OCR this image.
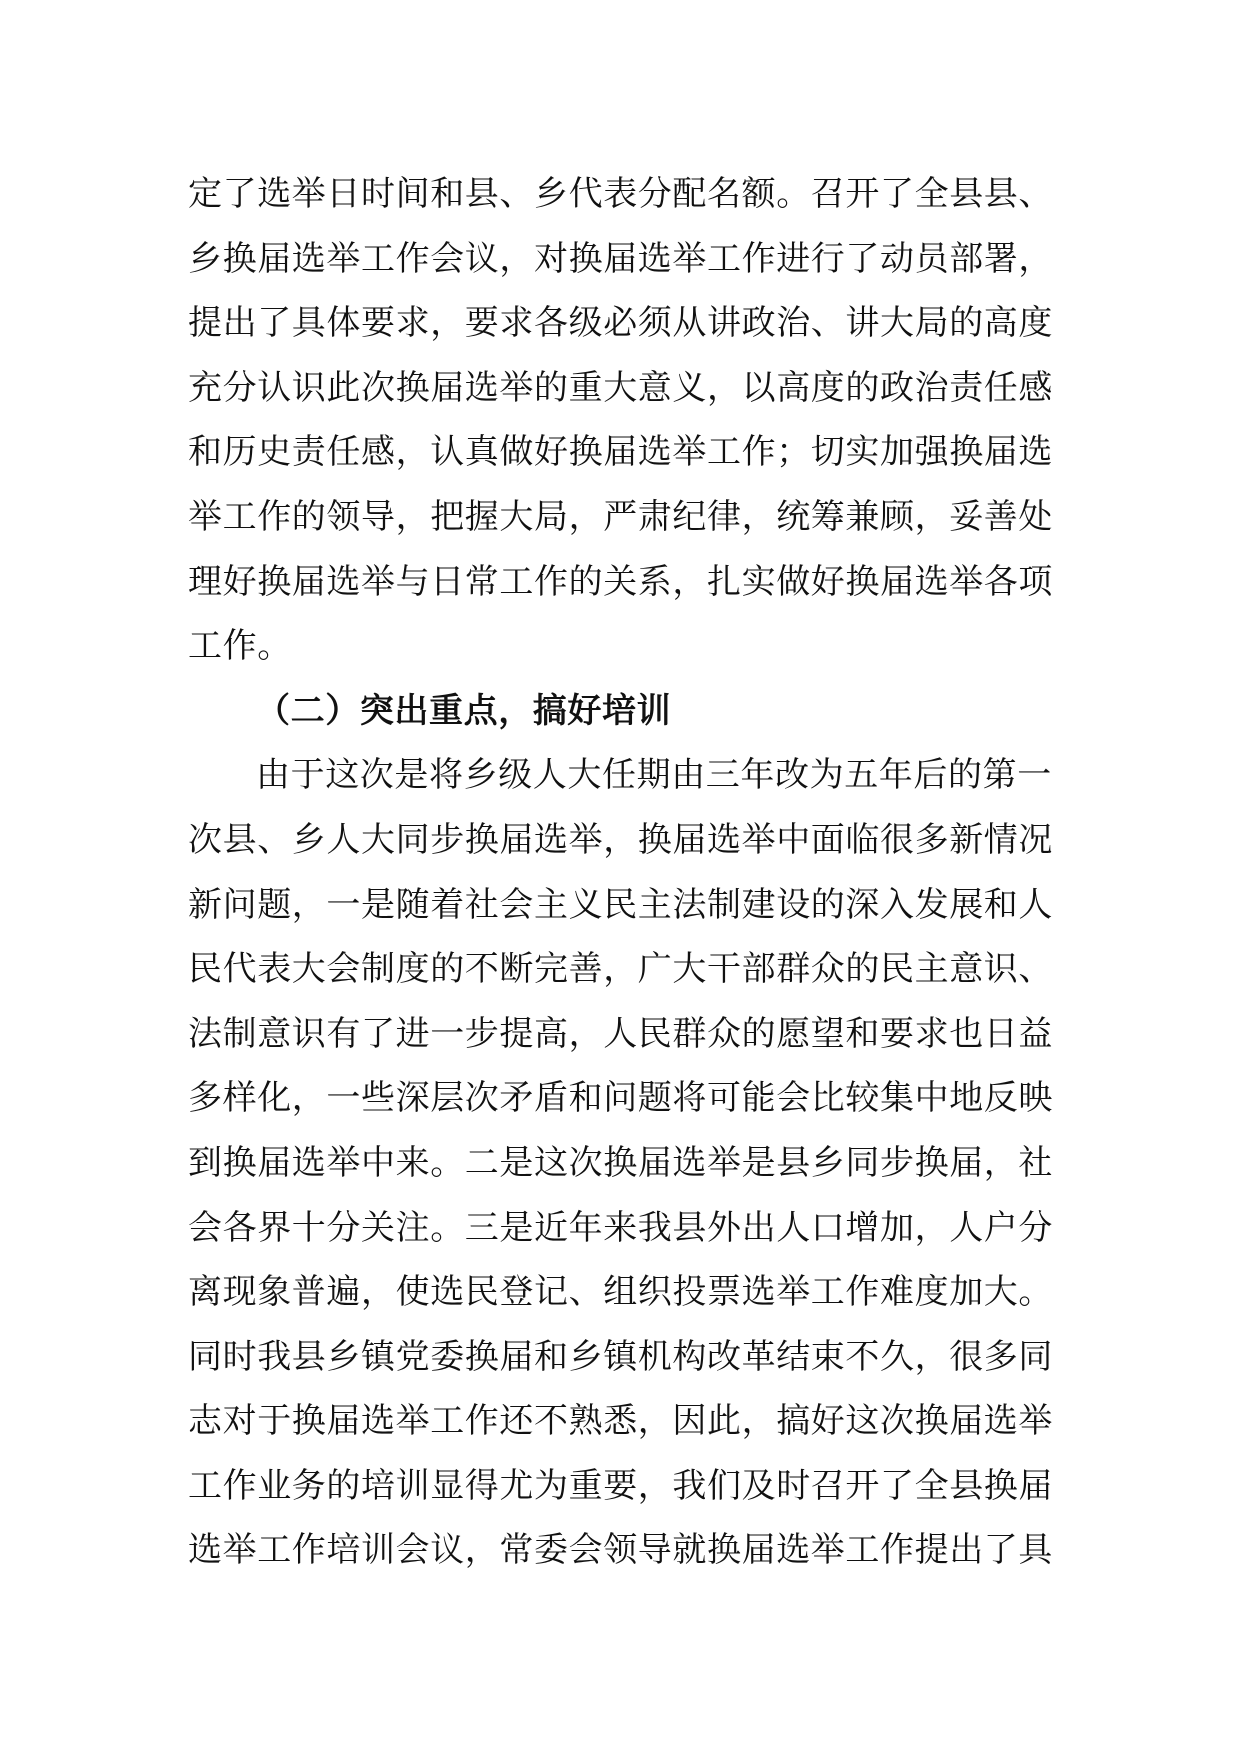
定了选举日时间和县、乡代表分配名额。召开了全县县、
乡换届选举工作会议，对换届选举工作进行了动员部署，
提出了具体要求，要求各级必须从讲政治、讲大局的高度
充分认识此次换届选举的重大意义，以高度的政治责任感
和历史责任感，认真做好换届选举工作；切实加强换届选
举工作的领导，把握大局，严肃纪律，统筹兼顾，妥善处
理好换届选举与日常工作的关系，扎实做好换届选举各项
工作。
（二）突出重点，搞好培训
由于这次是将乡级人大任期由三年改为五年后的第一
次县、乡人大同步换届选举，换届选举中面临很多新情况
新问题，一是随着社会主义民主法制建设的深入发展和人
民代表大会制度的不断完善，广大干部群众的民主意识、
法制意识有了进一步提高，人民群众的愿望和要求也日益
多样化，一些深层次矛盾和问题将可能会比较集中地反映
到换届选举中来。二是这次换届选举是县乡同步换届，社
会各界十分关注。三是近年来我县外出人口增加，人户分
离现象普遍，使选民登记、组织投票选举工作难度加大。
同时我县乡镇党委换届和乡镇机构改革结束不久，很多同
志对于换届选举工作还不熟悉，因此，搞好这次换届选举
工作业务的培训显得尤为重要，我们及时召开了全县换届
选举工作培训会议，常委会领导就换届选举工作提出了具
